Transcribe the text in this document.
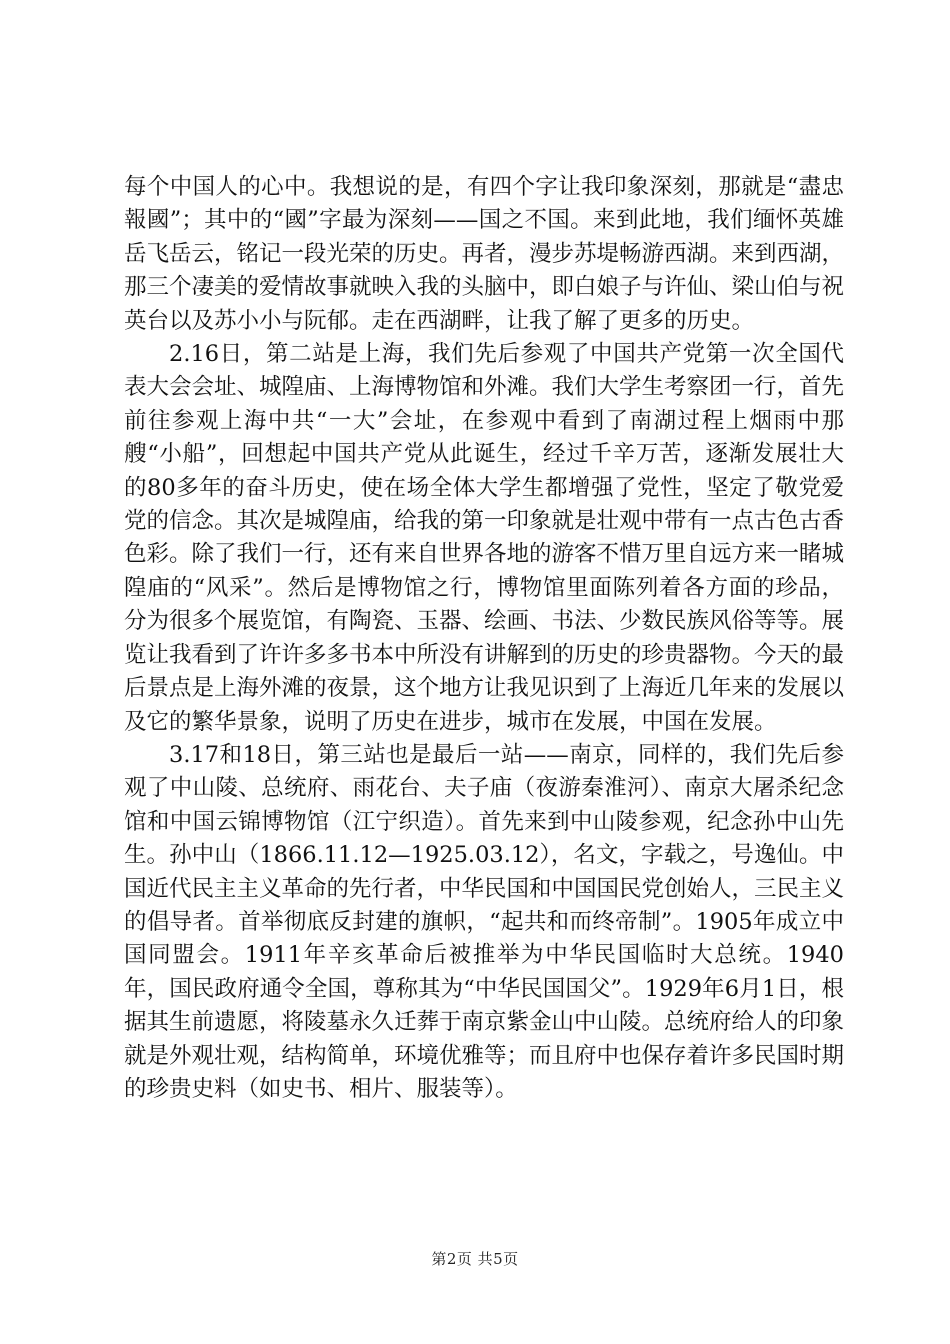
每个中国人的心中。我想说的是，有四个字让我印象深刻，那就是“盡忠報國”；其中的“國”字最为深刻——国之不国。来到此地，我们缅怀英雄岳飞岳云，铭记一段光荣的历史。再者，漫步苏堤畅游西湖。来到西湖，那三个凄美的爱情故事就映入我的头脑中，即白娘子与许仙、梁山伯与祝英台以及苏小小与阮郁。走在西湖畔，让我了解了更多的历史。

2.16日，第二站是上海，我们先后参观了中国共产党第一次全国代表大会会址、城隍庙、上海博物馆和外滩。我们大学生考察团一行，首先前往参观上海中共“一大”会址，在参观中看到了南湖过程上烟雨中那艘“小船”，回想起中国共产党从此诞生，经过千辛万苦，逐渐发展壮大的80多年的奋斗历史，使在场全体大学生都增强了党性，坚定了敬党爱党的信念。其次是城隍庙，给我的第一印象就是壮观中带有一点古色古香色彩。除了我们一行，还有来自世界各地的游客不惜万里自远方来一睹城隍庙的“风采”。然后是博物馆之行，博物馆里面陈列着各方面的珍品，分为很多个展览馆，有陶瓷、玉器、绘画、书法、少数民族风俗等等。展览让我看到了许许多多书本中所没有讲解到的历史的珍贵器物。今天的最后景点是上海外滩的夜景，这个地方让我见识到了上海近几年来的发展以及它的繁华景象，说明了历史在进步，城市在发展，中国在发展。

3.17和18日，第三站也是最后一站——南京，同样的，我们先后参观了中山陵、总统府、雨花台、夫子庙（夜游秦淮河）、南京大屠杀纪念馆和中国云锦博物馆（江宁织造）。首先来到中山陵参观，纪念孙中山先生。孙中山（1866.11.12—1925.03.12），名文，字载之，号逸仙。中国近代民主主义革命的先行者，中华民国和中国国民党创始人，三民主义的倡导者。首举彻底反封建的旗帜，“起共和而终帝制”。1905年成立中国同盟会。1911年辛亥革命后被推举为中华民国临时大总统。1940年，国民政府通令全国，尊称其为“中华民国国父”。1929年6月1日，根据其生前遗愿，将陵墓永久迁葬于南京紫金山中山陵。总统府给人的印象就是外观壮观，结构简单，环境优雅等；而且府中也保存着许多民国时期的珍贵史料（如史书、相片、服装等）。

第2页 共5页
